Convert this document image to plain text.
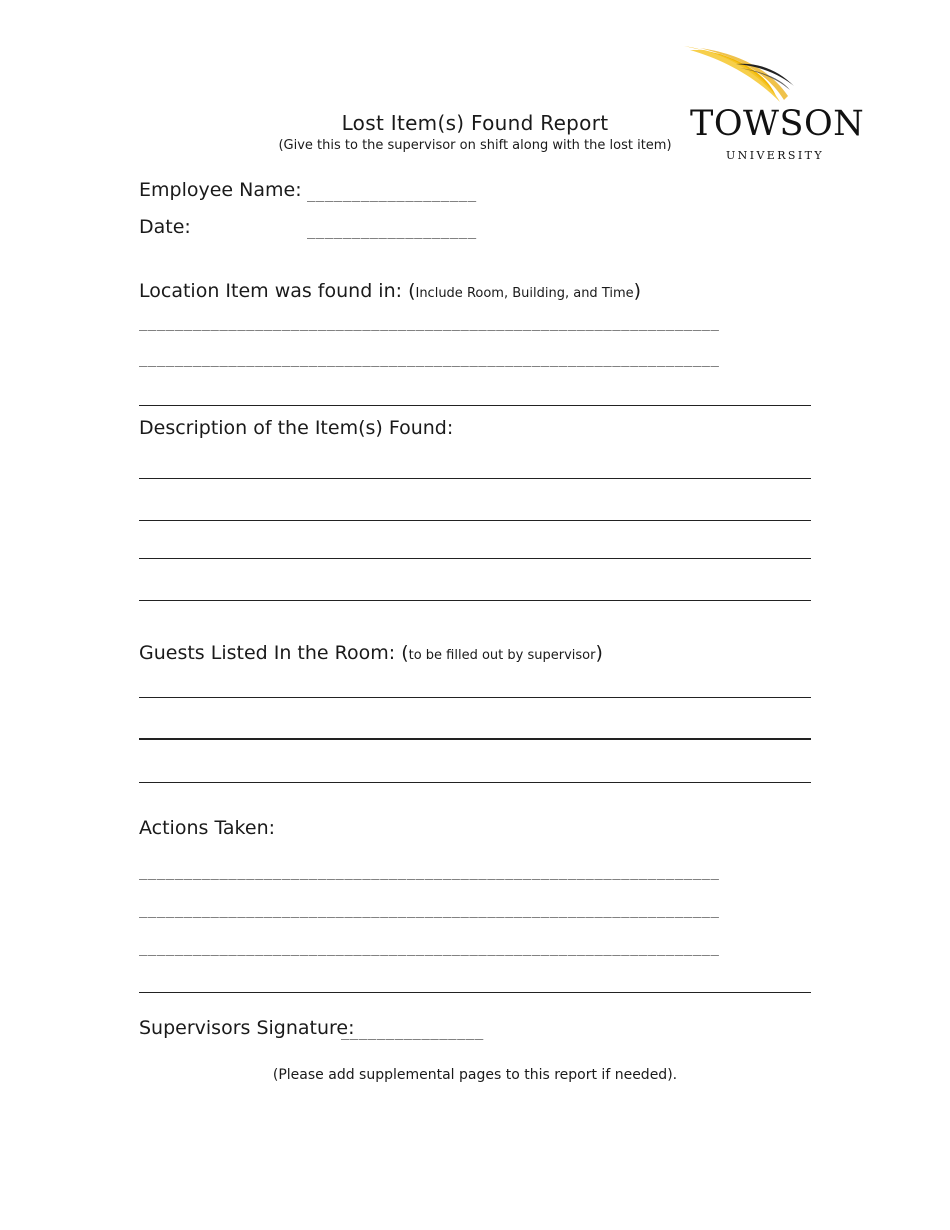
TOWSON
UNIVERSITY
Lost Item(s) Found Report
(Give this to the supervisor on shift along with the lost item)
Employee Name: ___________________
Date:	___________________
Location Item was found in: (Include Room, Building, and Time)
_________________________________________________________________
_________________________________________________________________
Description of the Item(s) Found:
Guests Listed In the Room: (to be filled out by supervisor)
Actions Taken:
_________________________________________________________________
_________________________________________________________________
_________________________________________________________________
Supervisors Signature:
________________
(Please add supplemental pages to this report if needed).
